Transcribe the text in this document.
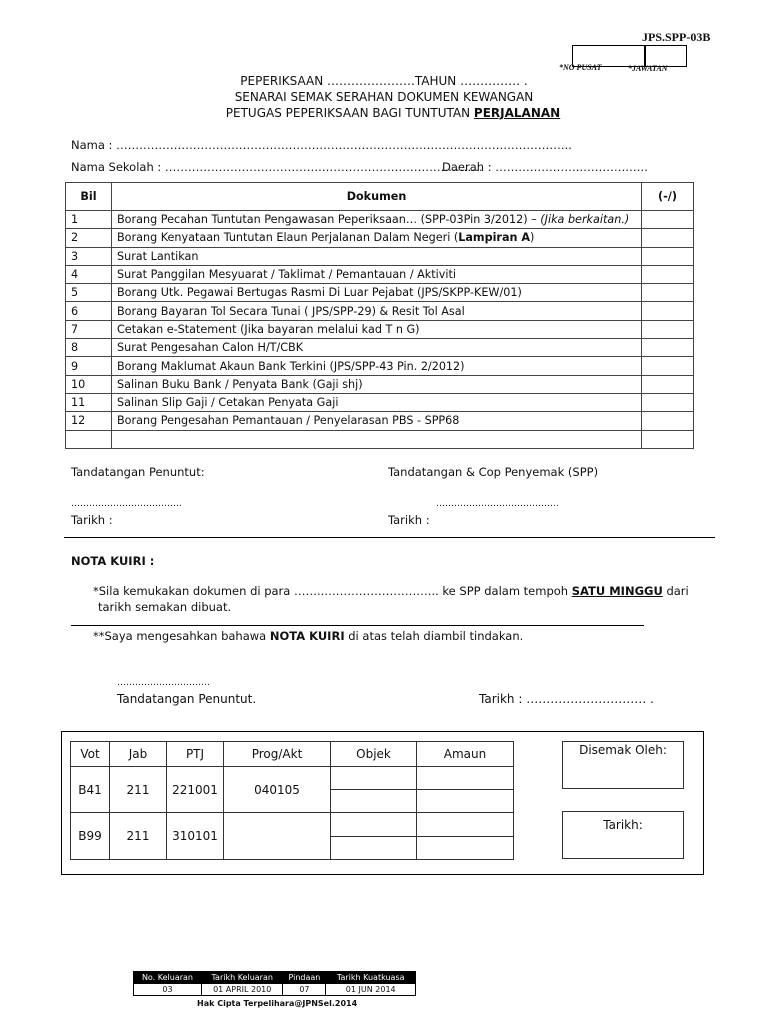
JPS.SPP-03B
*NO PUSAT	*JAWATAN
PEPERIKSAAN ………………….TAHUN …………… .
SENARAI SEMAK SERAHAN DOKUMEN KEWANGAN
PETUGAS PEPERIKSAAN BAGI TUNTUTAN PERJALANAN
Nama : ………………………………………………………………………………………………………..
Nama Sekolah : …………………………………..……………………………………
Daerah : ………………….………….…..
Bil	Dokumen	(-/)
1	Borang Pecahan Tuntutan Pengawasan Peperiksaan… (SPP-03Pin 3/2012) – (Jika berkaitan.)	
2	Borang Kenyataan Tuntutan Elaun Perjalanan Dalam Negeri (Lampiran A)	
3	Surat Lantikan	
4	Surat Panggilan Mesyuarat / Taklimat / Pemantauan / Aktiviti	
5	Borang Utk. Pegawai Bertugas Rasmi Di Luar Pejabat (JPS/SKPP-KEW/01)	
6	Borang Bayaran Tol Secara Tunai ( JPS/SPP-29) & Resit Tol Asal	
7	Cetakan e-Statement (Jika bayaran melalui kad T n G)	
8	Surat Pengesahan Calon H/T/CBK	
9	Borang Maklumat Akaun Bank Terkini (JPS/SPP-43 Pin. 2/2012)	
10	Salinan Buku Bank / Penyata Bank (Gaji shj)	
11	Salinan Slip Gaji / Cetakan Penyata Gaji	
12	Borang Pengesahan Pemantauan / Penyelarasan PBS - SPP68	

Tandatangan Penuntut:	Tandatangan & Cop Penyemak (SPP)
……………………………….	…………………………………..
Tarikh :	Tarikh :
NOTA KUIRI :
*Sila kemukakan dokumen di para ……..………………………... ke SPP dalam tempoh SATU MINGGU dari
tarikh semakan dibuat.
**Saya mengesahkan bahawa NOTA KUIRI di atas telah diambil tindakan.
………………………….
Tandatangan Penuntut.	Tarikh : ………………………… .
Vot	Jab	PTJ	Prog/Akt	Objek	Amaun
B41	211	221001	040105		

B99	211	310101			

Disemak Oleh:
Tarikh:
No. Keluaran	Tarikh Keluaran	Pindaan	Tarikh Kuatkuasa
03	01 APRIL 2010	07	01 JUN 2014
Hak Cipta Terpelihara@JPNSel.2014
